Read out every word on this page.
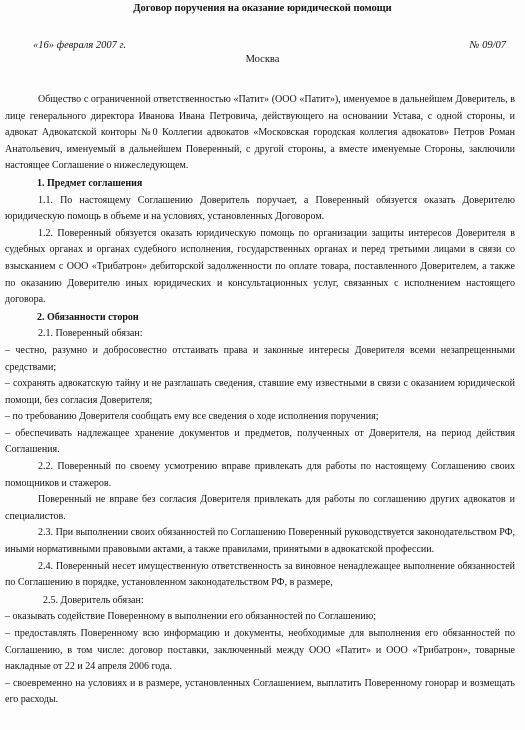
Договор поручения на оказание юридической помощи
«16» февраля 2007 г.	№ 09/07
Москва

Общество с ограниченной ответственностью «Патит» (ООО «Патит»), именуемое в дальнейшем Доверитель, в лице генерального директора Иванова Ивана Петровича, действующего на основании Устава, с одной стороны, и адвокат Адвокатской конторы №0 Коллегии адвокатов «Московская городская коллегия адвокатов» Петров Роман Анатольевич, именуемый в дальнейшем Поверенный, с другой стороны, а вместе именуемые Стороны, заключили настоящее Соглашение о нижеследующем.

1. Предмет соглашения

1.1. По настоящему Соглашению Доверитель поручает, а Поверенный обязуется оказать Доверителю юридическую помощь в объеме и на условиях, установленных Договором.

1.2. Поверенный обязуется оказать юридическую помощь по организации защиты интересов Доверителя в судебных органах и органах судебного исполнения, государственных органах и перед третьими лицами в связи со взысканием с ООО «Трибатрон» дебиторской задолженности по оплате товара, поставленного Доверителем, а также по оказанию Доверителю иных юридических и консультационных услуг, связанных с исполнением настоящего договора.

2. Обязанности сторон

2.1. Поверенный обязан:

– честно, разумно и добросовестно отстаивать права и законные интересы Доверителя всеми незапрещенными средствами;

– сохранять адвокатскую тайну и не разглашать сведения, ставшие ему известными в связи с оказанием юридической помощи, без согласия Доверителя;

– по требованию Доверителя сообщать ему все сведения о ходе исполнения поручения;

– обеспечивать надлежащее хранение документов и предметов, полученных от Доверителя, на период действия Соглашения.

2.2. Поверенный по своему усмотрению вправе привлекать для работы по настоящему Соглашению своих помощников и стажеров.

Поверенный не вправе без согласия Доверителя привлекать для работы по соглашению других адвокатов и специалистов.

2.3. При выполнении своих обязанностей по Соглашению Поверенный руководствуется законодательством РФ, иными нормативными правовыми актами, а также правилами, принятыми в адвокатской профессии.

2.4. Поверенный несет имущественную ответственность за виновное ненадлежащее выполнение обязанностей по Соглашению в порядке, установленном законодательством РФ, в размере,

2.5. Доверитель обязан:

– оказывать содействие Поверенному в выполнении его обязанностей по Соглашению;

– предоставлять Поверенному всю информацию и документы, необходимые для выполнения его обязанностей по Соглашению, в том числе: договор поставки, заключенный между ООО «Патит» и ООО «Трибатрон», товарные накладные от 22 и 24 апреля 2006 года.

– своевременно на условиях и в размере, установленных Соглашением, выплатить Поверенному гонорар и возмещать его расходы.
